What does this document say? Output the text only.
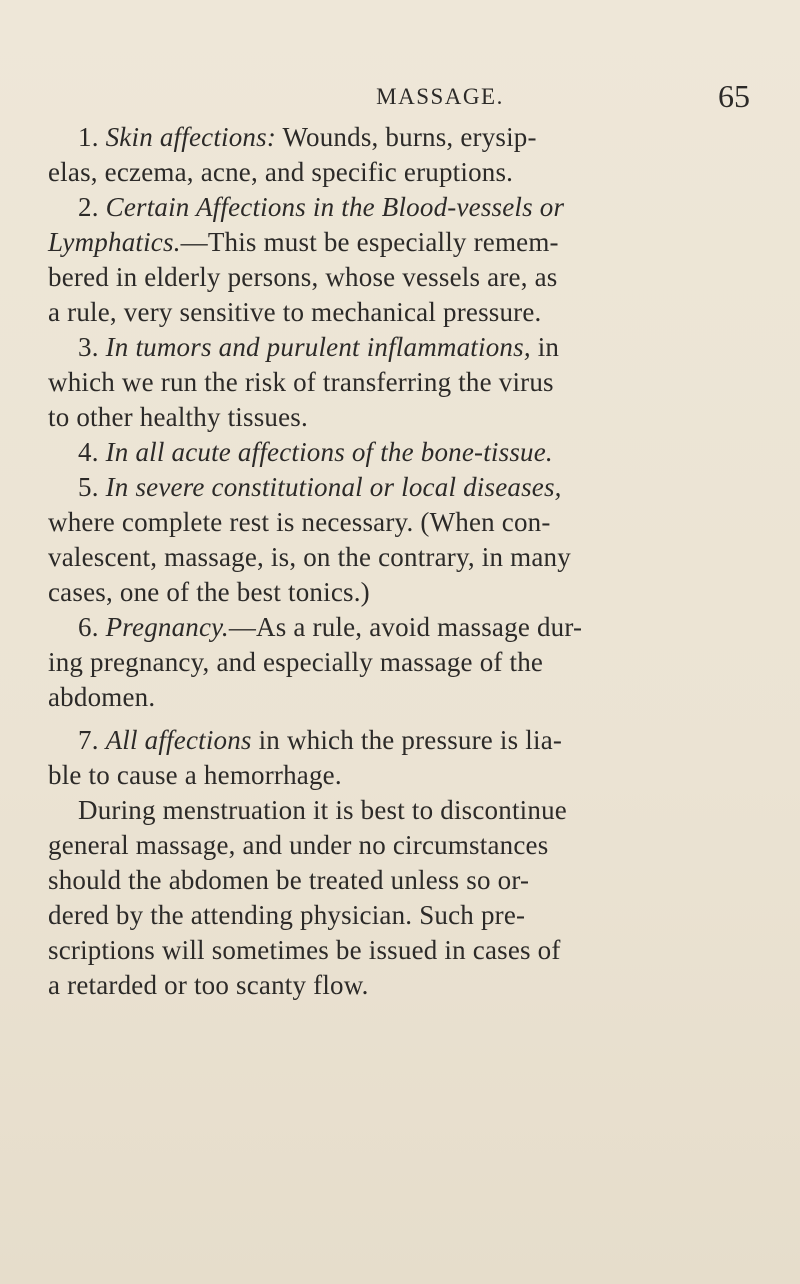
MASSAGE.	65
1. Skin affections: Wounds, burns, erysip-
elas, eczema, acne, and specific eruptions.
2. Certain Affections in the Blood-vessels or
Lymphatics.—This must be especially remem-
bered in elderly persons, whose vessels are, as
a rule, very sensitive to mechanical pressure.
3. In tumors and purulent inflammations, in
which we run the risk of transferring the virus
to other healthy tissues.
4. In all acute affections of the bone-tissue.
5. In severe constitutional or local diseases,
where complete rest is necessary. (When con-
valescent, massage, is, on the contrary, in many
cases, one of the best tonics.)
6. Pregnancy.—As a rule, avoid massage dur-
ing pregnancy, and especially massage of the
abdomen.
7. All affections in which the pressure is lia-
ble to cause a hemorrhage.
During menstruation it is best to discontinue
general massage, and under no circumstances
should the abdomen be treated unless so or-
dered by the attending physician. Such pre-
scriptions will sometimes be issued in cases of
a retarded or too scanty flow.
